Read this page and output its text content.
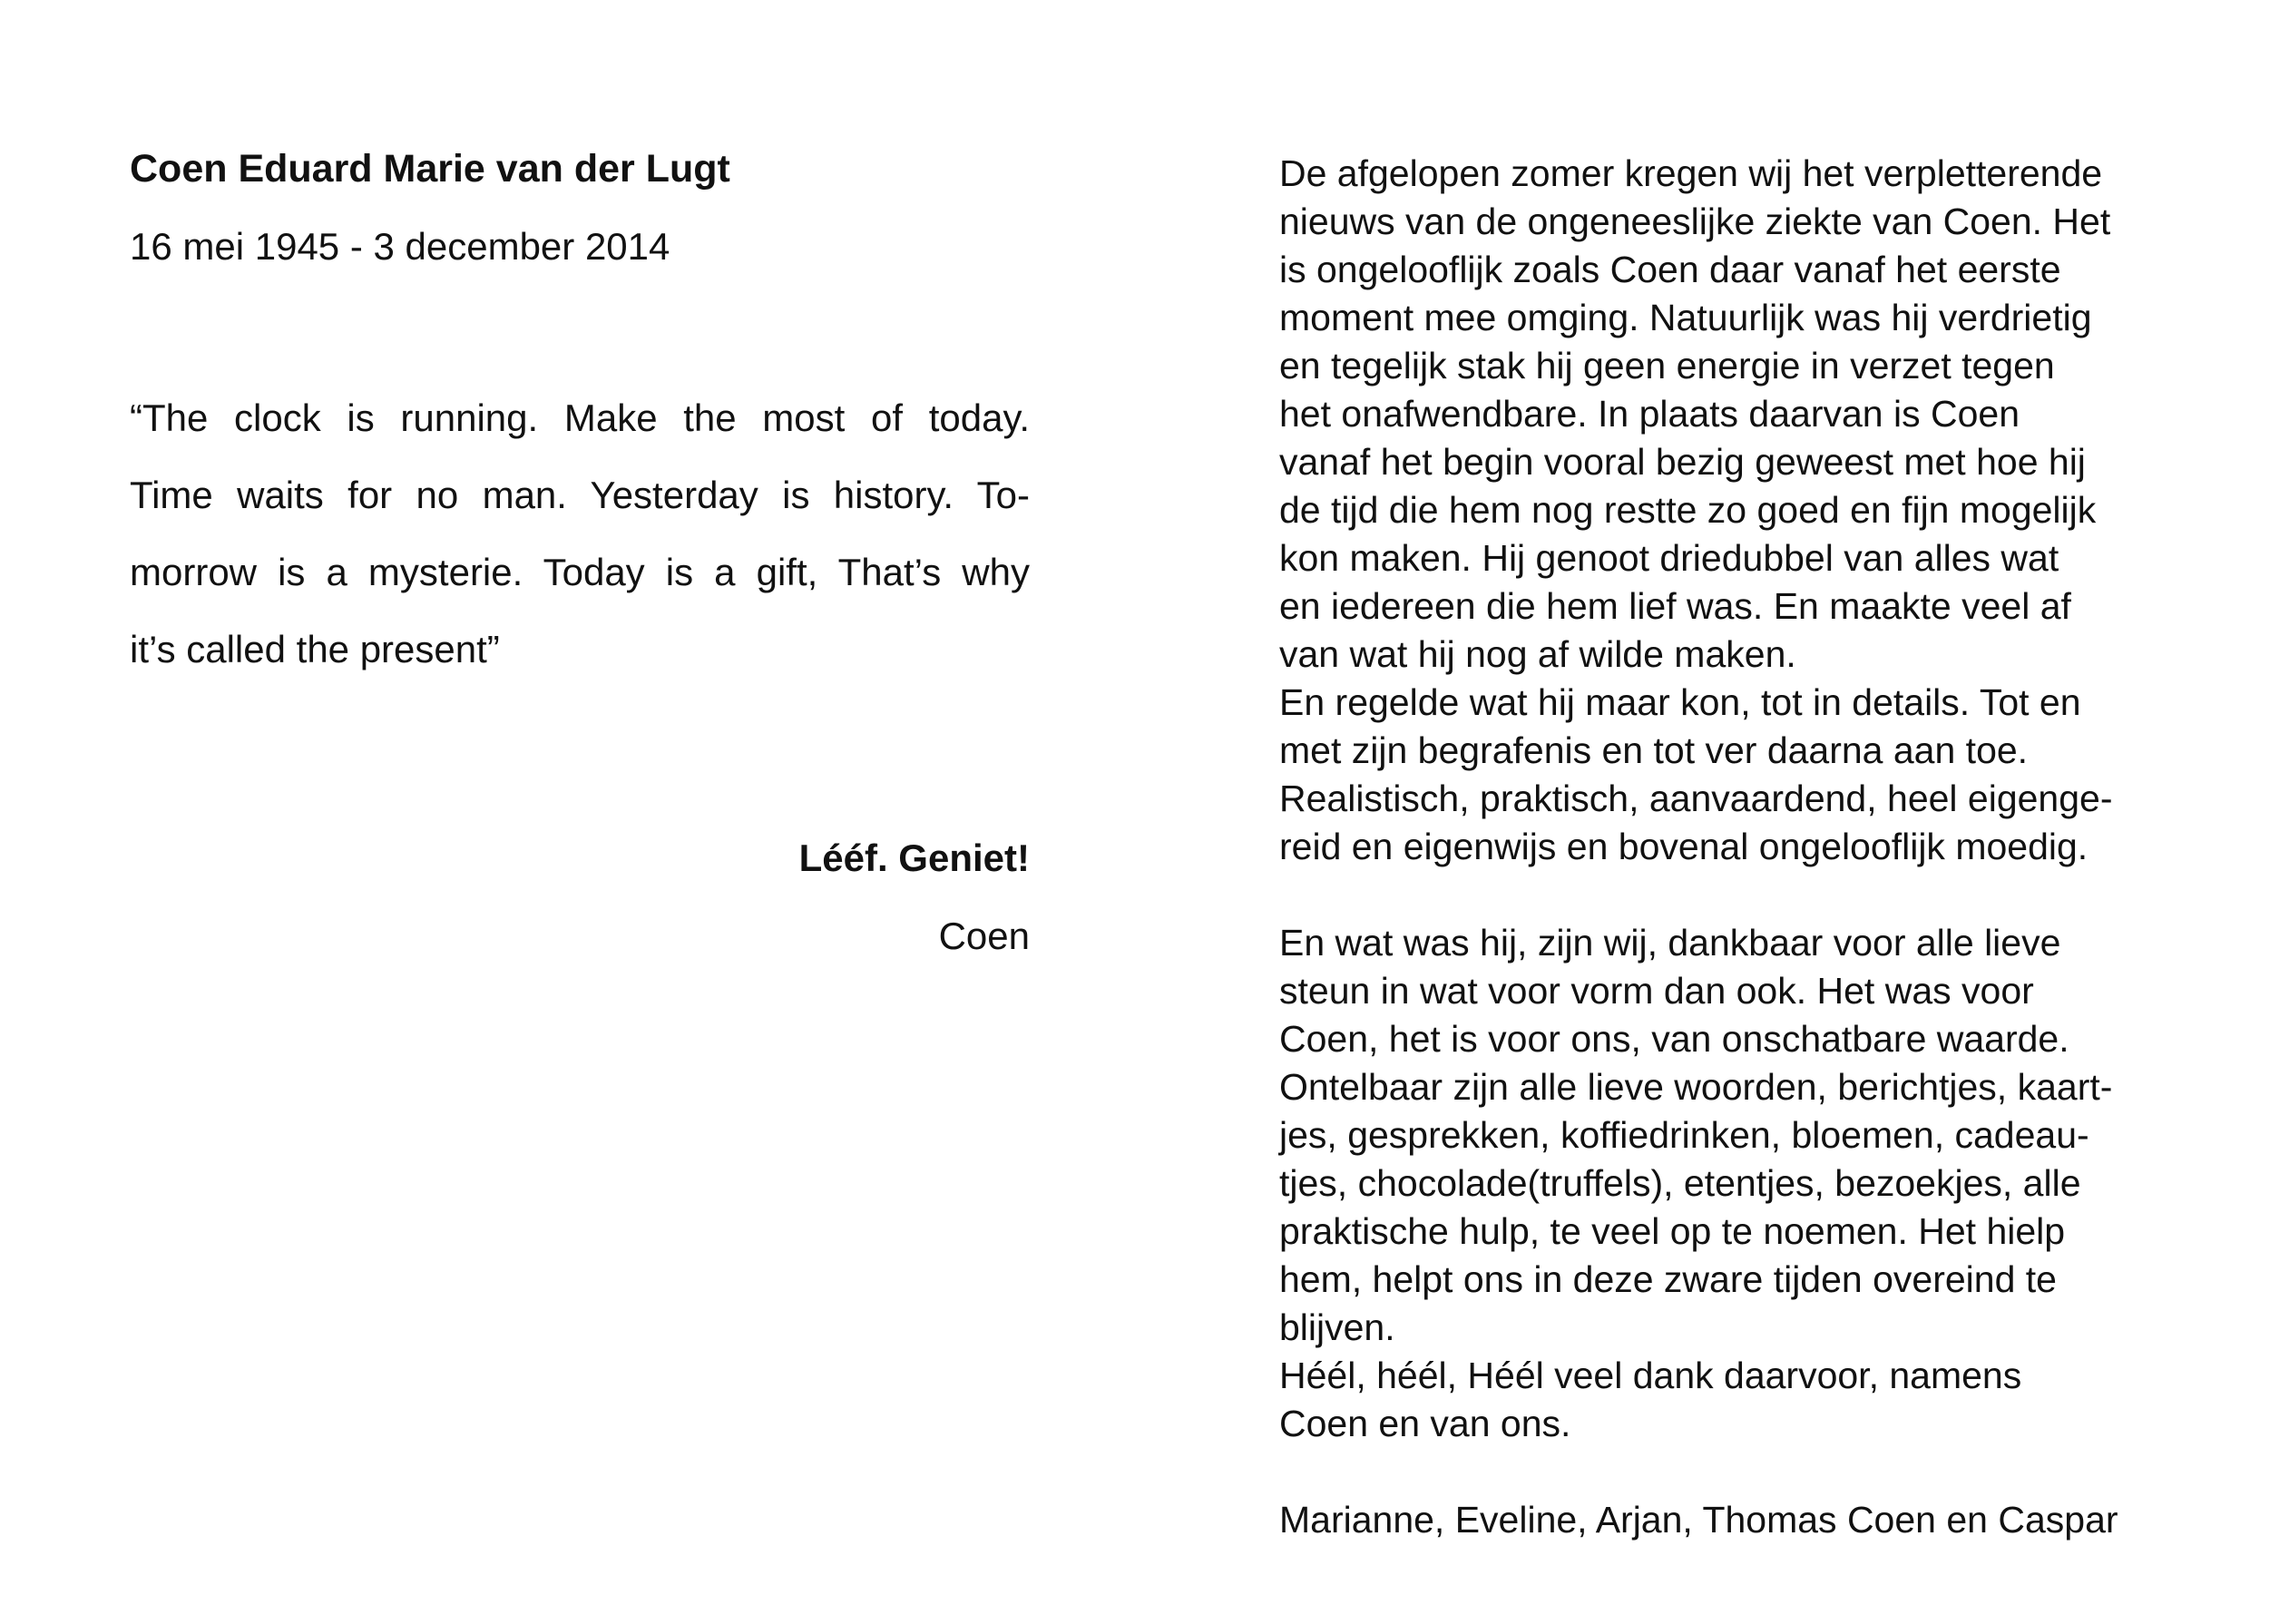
Coen Eduard Marie van der Lugt
16 mei 1945 - 3 december 2014
“The clock is running. Make the most of today.
Time waits for no man. Yesterday is history. To-
morrow is a mysterie. Today is a gift, That’s why
it’s called the present”
Lééf. Geniet!
Coen
De afgelopen zomer kregen wij het verpletterende
nieuws van de ongeneeslijke ziekte van Coen. Het
is ongelooflijk zoals Coen daar vanaf het eerste
moment mee omging. Natuurlijk was hij verdrietig
en tegelijk stak hij geen energie in verzet tegen
het onafwendbare. In plaats daarvan is Coen
vanaf het begin vooral bezig geweest met hoe hij
de tijd die hem nog restte zo goed en fijn mogelijk
kon maken. Hij genoot driedubbel van alles wat
en iedereen die hem lief was. En maakte veel af
van wat hij nog af wilde maken.
En regelde wat hij maar kon, tot in details. Tot en
met zijn begrafenis en tot ver daarna aan toe.
Realistisch, praktisch, aanvaardend, heel eigenge-
reid en eigenwijs en bovenal ongelooflijk moedig.
En wat was hij, zijn wij, dankbaar voor alle lieve
steun in wat voor vorm dan ook. Het was voor
Coen, het is voor ons, van onschatbare waarde.
Ontelbaar zijn alle lieve woorden, berichtjes, kaart-
jes, gesprekken, koffiedrinken, bloemen, cadeau-
tjes, chocolade(truffels), etentjes, bezoekjes, alle
praktische hulp, te veel op te noemen. Het hielp
hem, helpt ons in deze zware tijden overeind te
blijven.
Héél, héél, Héél veel dank daarvoor, namens
Coen en van ons.
Marianne, Eveline, Arjan, Thomas Coen en Caspar
